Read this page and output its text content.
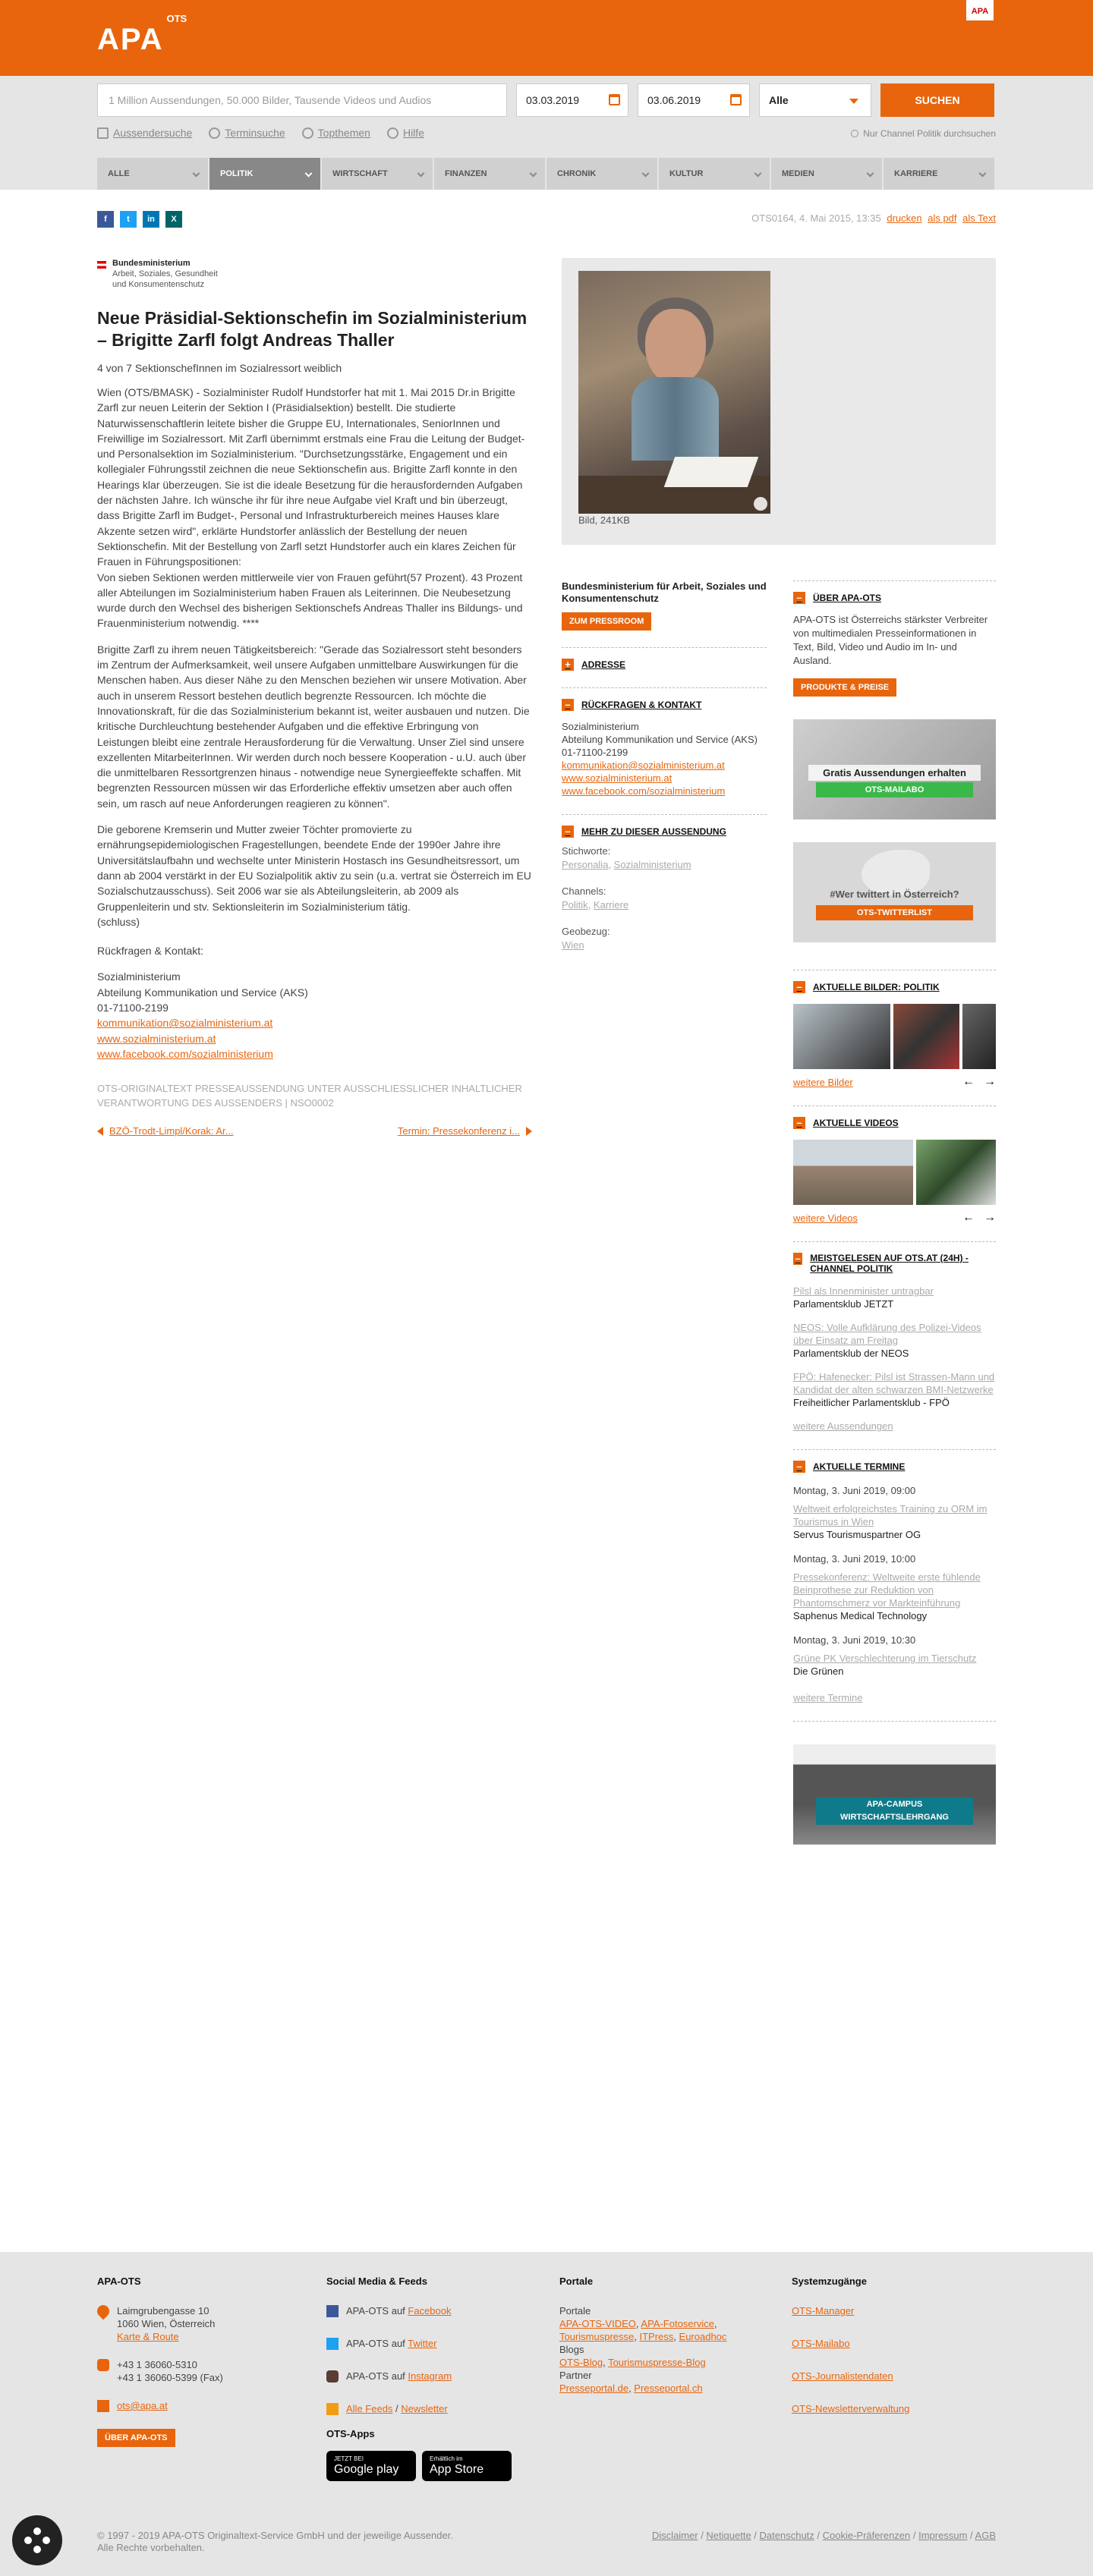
$APA^{OTS}$
APA
1 Million Aussendungen, 50.000 Bilder, Tausende Videos und Audios	03.03.2019	03.06.2019	Alle	SUCHEN
Aussendersuche	Terminsuche	Topthemen	Hilfe	Nur Channel Politik durchsuchen
ALLE	POLITIK	WIRTSCHAFT	FINANZEN	CHRONIK	KULTUR	MEDIEN	KARRIERE
f	t	in	X	OTS0164, 4. Mai 2015, 13:35 drucken als pdf als Text
Bundesministerium
Arbeit, Soziales, Gesundheit
und Konsumentenschutz
Neue Präsidial-Sektionschefin im Sozialministerium – Brigitte Zarfl folgt Andreas Thaller
4 von 7 SektionschefInnen im Sozialressort weiblich

Wien (OTS/BMASK) - Sozialminister Rudolf Hundstorfer hat mit 1. Mai 2015 Dr.in Brigitte Zarfl zur neuen Leiterin der Sektion I (Präsidialsektion) bestellt. Die studierte Naturwissenschaftlerin leitete bisher die Gruppe EU, Internationales, SeniorInnen und Freiwillige im Sozialressort. Mit Zarfl übernimmt erstmals eine Frau die Leitung der Budget- und Personalsektion im Sozialministerium. "Durchsetzungsstärke, Engagement und ein kollegialer Führungsstil zeichnen die neue Sektionschefin aus. Brigitte Zarfl konnte in den Hearings klar überzeugen. Sie ist die ideale Besetzung für die herausfordernden Aufgaben der nächsten Jahre. Ich wünsche ihr für ihre neue Aufgabe viel Kraft und bin überzeugt, dass Brigitte Zarfl im Budget-, Personal und Infrastrukturbereich meines Hauses klare Akzente setzen wird", erklärte Hundstorfer anlässlich der Bestellung der neuen Sektionschefin. Mit der Bestellung von Zarfl setzt Hundstorfer auch ein klares Zeichen für Frauen in Führungspositionen:
Von sieben Sektionen werden mittlerweile vier von Frauen geführt(57 Prozent). 43 Prozent aller Abteilungen im Sozialministerium haben Frauen als Leiterinnen. Die Neubesetzung wurde durch den Wechsel des bisherigen Sektionschefs Andreas Thaller ins Bildungs- und Frauenministerium notwendig. ****

Brigitte Zarfl zu ihrem neuen Tätigkeitsbereich: "Gerade das Sozialressort steht besonders im Zentrum der Aufmerksamkeit, weil unsere Aufgaben unmittelbare Auswirkungen für die Menschen haben. Aus dieser Nähe zu den Menschen beziehen wir unsere Motivation. Aber auch in unserem Ressort bestehen deutlich begrenzte Ressourcen. Ich möchte die Innovationskraft, für die das Sozialministerium bekannt ist, weiter ausbauen und nutzen. Die kritische Durchleuchtung bestehender Aufgaben und die effektive Erbringung von Leistungen bleibt eine zentrale Herausforderung für die Verwaltung. Unser Ziel sind unsere exzellenten MitarbeiterInnen. Wir werden durch noch bessere Kooperation - u.U. auch über die unmittelbaren Ressortgrenzen hinaus - notwendige neue Synergieeffekte schaffen. Mit begrenzten Ressourcen müssen wir das Erforderliche effektiv umsetzen aber auch offen sein, um rasch auf neue Anforderungen reagieren zu können".

Die geborene Kremserin und Mutter zweier Töchter promovierte zu ernährungsepidemiologischen Fragestellungen, beendete Ende der 1990er Jahre ihre Universitätslaufbahn und wechselte unter Ministerin Hostasch ins Gesundheitsressort, um dann ab 2004 verstärkt in der EU Sozialpolitik aktiv zu sein (u.a. vertrat sie Österreich im EU Sozialschutzausschuss). Seit 2006 war sie als Abteilungsleiterin, ab 2009 als Gruppenleiterin und stv. Sektionsleiterin im Sozialministerium tätig.
(schluss)

Rückfragen & Kontakt:
Sozialministerium
Abteilung Kommunikation und Service (AKS)
01-71100-2199
kommunikation@sozialministerium.at
www.sozialministerium.at
www.facebook.com/sozialministerium
OTS-ORIGINALTEXT PRESSEAUSSENDUNG UNTER AUSSCHLIESSLICHER INHALTLICHER VERANTWORTUNG DES AUSSENDERS | NSO0002
BZÖ-Trodt-Limpl/Korak: Ar...	Termin: Pressekonferenz i...
Bild, 241KB
Bundesministerium für Arbeit, Soziales und Konsumentenschutz
ZUM PRESSROOM
+	ADRESSE
–	RÜCKFRAGEN & KONTAKT
Sozialministerium
Abteilung Kommunikation und Service (AKS)
01-71100-2199
kommunikation@sozialministerium.at
www.sozialministerium.at
www.facebook.com/sozialministerium
–	MEHR ZU DIESER AUSSENDUNG
Stichworte:
Personalia, Sozialministerium
Channels:
Politik, Karriere
Geobezug:
Wien
–	ÜBER APA-OTS
APA-OTS ist Österreichs stärkster Verbreiter von multimedialen Presseinformationen in Text, Bild, Video und Audio im In- und Ausland.
PRODUKTE & PREISE
Gratis Aussendungen erhalten
OTS-MAILABO
#Wer twittert in Österreich?
OTS-TWITTERLIST
–	AKTUELLE BILDER: POLITIK
weitere Bilder	← →
–	AKTUELLE VIDEOS
weitere Videos	← →
– MEISTGELESEN AUF OTS.AT (24H) - CHANNEL POLITIK
Pilsl als Innenminister untragbar
Parlamentsklub JETZT
NEOS: Volle Aufklärung des Polizei-Videos über Einsatz am Freitag
Parlamentsklub der NEOS
FPÖ: Hafenecker: Pilsl ist Strassen-Mann und Kandidat der alten schwarzen BMI-Netzwerke
Freiheitlicher Parlamentsklub - FPÖ
weitere Aussendungen
–	AKTUELLE TERMINE
Montag, 3. Juni 2019, 09:00
Weltweit erfolgreichstes Training zu ORM im Tourismus in Wien
Servus Tourismuspartner OG
Montag, 3. Juni 2019, 10:00
Pressekonferenz: Weltweite erste fühlende Beinprothese zur Reduktion von Phantomschmerz vor Markteinführung
Saphenus Medical Technology
Montag, 3. Juni 2019, 10:30
Grüne PK Verschlechterung im Tierschutz
Die Grünen
weitere Termine
APA-CAMPUS
WIRTSCHAFTSLEHRGANG
APA-OTS
Laimgrubengasse 10
1060 Wien, Österreich
Karte & Route
+43 1 36060-5310
+43 1 36060-5399 (Fax)
ots@apa.at
ÜBER APA-OTS
Social Media & Feeds
APA-OTS auf Facebook
APA-OTS auf Twitter
APA-OTS auf Instagram
Alle Feeds / Newsletter
OTS-Apps
JETZT BEI
Google play
Erhältlich im
App Store
Portale
Portale
APA-OTS-VIDEO, APA-Fotoservice,
Tourismuspresse, ITPress, Euroadhoc
Blogs
OTS-Blog, Tourismuspresse-Blog
Partner
Presseportal.de, Presseportal.ch
Systemzugänge
OTS-Manager
OTS-Mailabo
OTS-Journalistendaten
OTS-Newsletterverwaltung
© 1997 - 2019 APA-OTS Originaltext-Service GmbH und der jeweilige Aussender.
Alle Rechte vorbehalten.
Disclaimer / Netiquette / Datenschutz / Cookie-Präferenzen / Impressum / AGB
